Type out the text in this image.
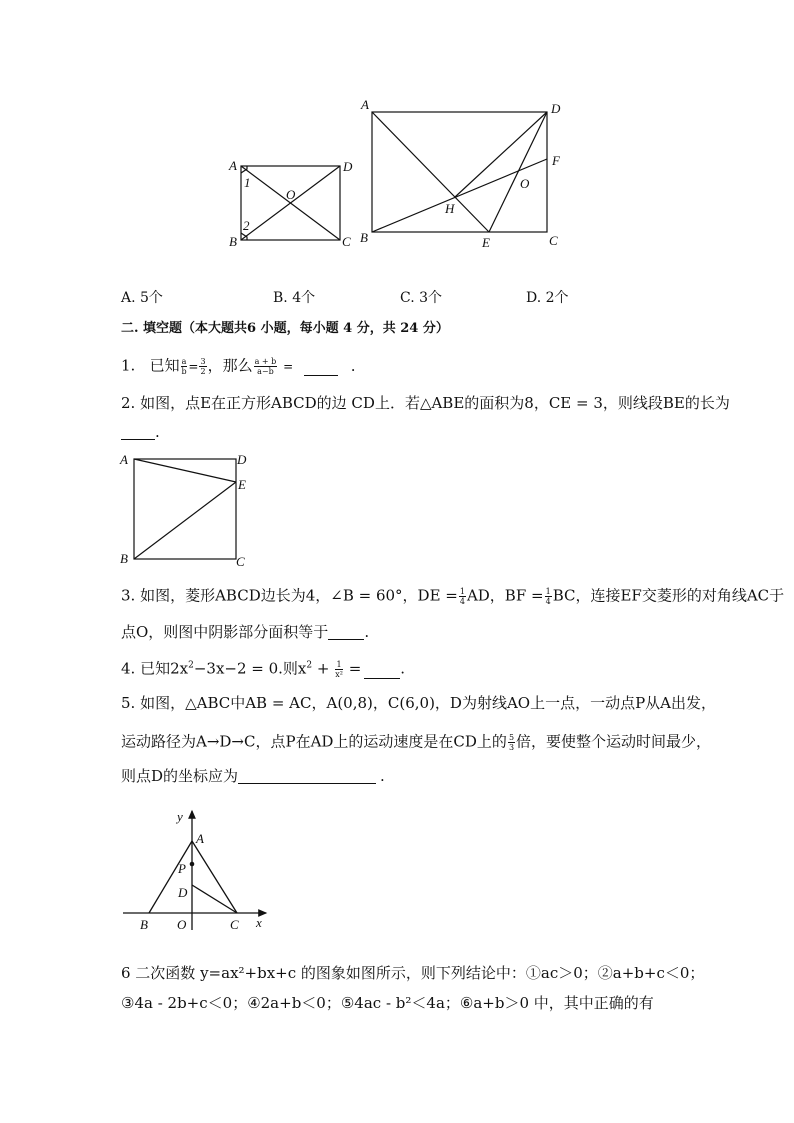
A	D
B	C
O
1
2
A	D
F
B	C
E
H
O
A. 5个	B. 4个	C. 3个	D. 2个
二. 填空题（本大题共6 小题，每小题 4 分，共 24 分）
1. 已知 $\frac{a}{b} = \frac{3}{2}$ ，那么 $\frac{a + b}{a-b}$ =	.
2. 如图，点E在正方形ABCD的边 CD上．若△ABE的面积为8，CE = 3，则线段BE的长为
.
A	D
E
B	C
3. 如图，菱形ABCD边长为4，∠B = 60°，DE = $\frac{1}{4}$ AD，BF = $\frac{1}{4}$ BC，连接EF交菱形的对角线AC于
点O，则图中阴影部分面积等于 .
4. 已知$2x^2-3x-2 = 0$.则$x^2 + \frac{1}{\text{x²}}$ =	.
5. 如图，△ABC中AB = AC，A(0,8)，C(6,0)，D为射线AO上一点，一动点P从A出发，
运动路径为A→D→C，点P在AD上的运动速度是在CD上的 $\frac{5}{3}$ 倍，要使整个运动时间最少，
则点D的坐标应为	.
y
x
A
P
D
B O	C
6 二次函数 y=ax²+bx+c 的图象如图所示，则下列结论中：①ac＞0；②a+b+c＜0；
③4a - 2b+c＜0；④2a+b＜0；⑤4ac - b²＜4a；⑥a+b＞0 中，其中正确的有
